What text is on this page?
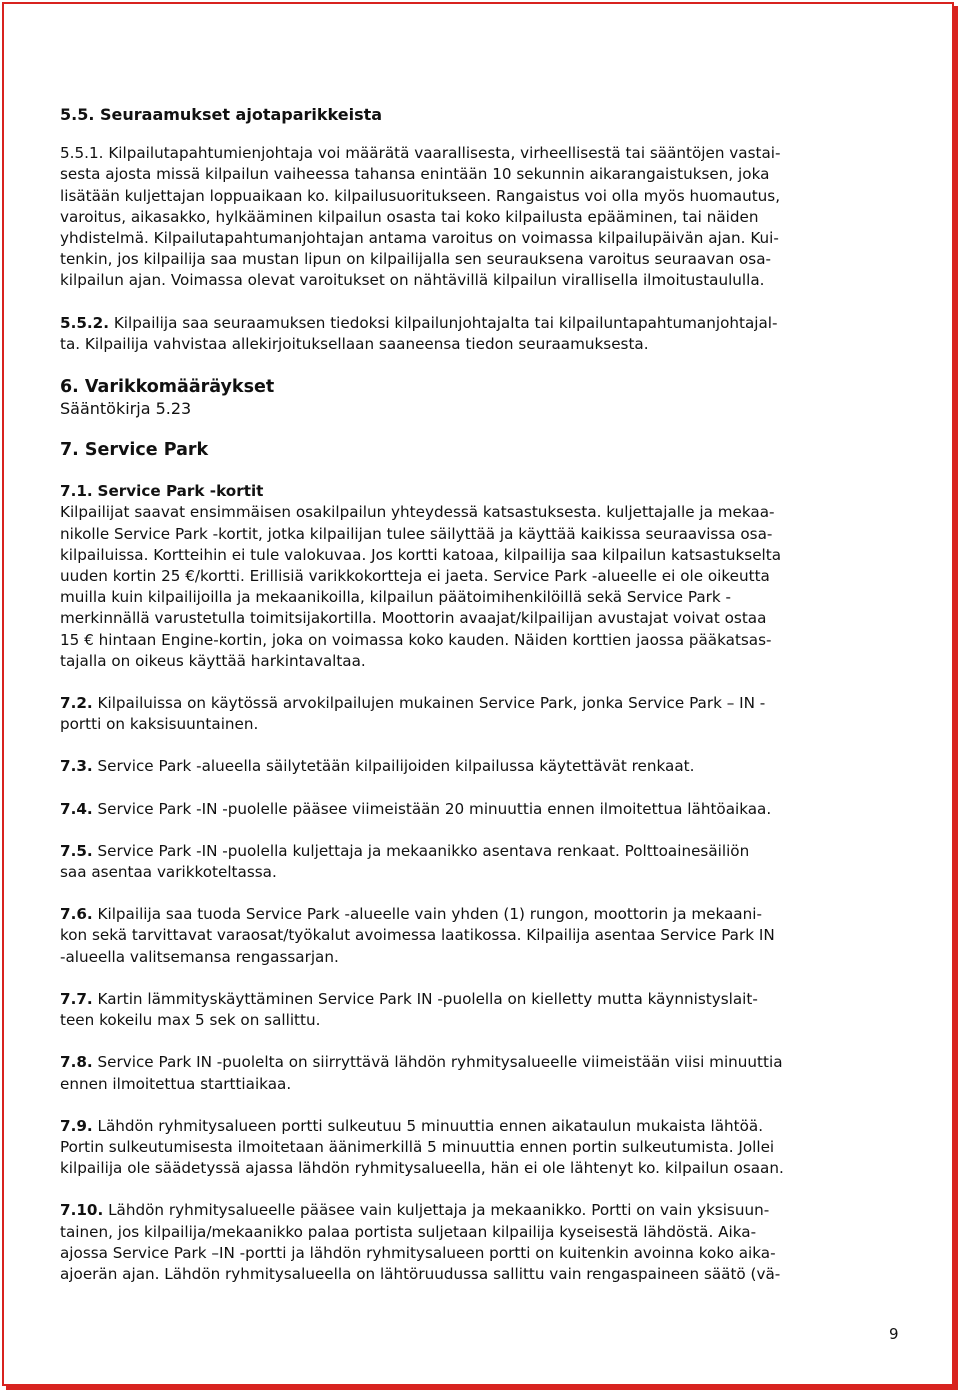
5.5. Seuraamukset ajotaparikkeista

5.5.1. Kilpailutapahtumienjohtaja voi määrätä vaarallisesta, virheellisestä tai sääntöjen vastai-
sesta ajosta missä kilpailun vaiheessa tahansa enintään 10 sekunnin aikarangaistuksen, joka
lisätään kuljettajan loppuaikaan ko. kilpailusuoritukseen. Rangaistus voi olla myös huomautus,
varoitus, aikasakko, hylkääminen kilpailun osasta tai koko kilpailusta epääminen, tai näiden
yhdistelmä. Kilpailutapahtumanjohtajan antama varoitus on voimassa kilpailupäivän ajan. Kui-
tenkin, jos kilpailija saa mustan lipun on kilpailijalla sen seurauksena varoitus seuraavan osa-
kilpailun ajan. Voimassa olevat varoitukset on nähtävillä kilpailun virallisella ilmoitustaululla.

5.5.2. Kilpailija saa seuraamuksen tiedoksi kilpailunjohtajalta tai kilpailuntapahtumanjohtajal-
ta. Kilpailija vahvistaa allekirjoituksellaan saaneensa tiedon seuraamuksesta.

6. Varikkomääräykset

Sääntökirja 5.23

7. Service Park

7.1. Service Park -kortit
Kilpailijat saavat ensimmäisen osakilpailun yhteydessä katsastuksesta. kuljettajalle ja mekaa-
nikolle Service Park -kortit, jotka kilpailijan tulee säilyttää ja käyttää kaikissa seuraavissa osa-
kilpailuissa. Kortteihin ei tule valokuvaa. Jos kortti katoaa, kilpailija saa kilpailun katsastukselta
uuden kortin 25 €/kortti. Erillisiä varikkokortteja ei jaeta. Service Park -alueelle ei ole oikeutta
muilla kuin kilpailijoilla ja mekaanikoilla, kilpailun päätoimihenkilöillä sekä Service Park -
merkinnällä varustetulla toimitsijakortilla. Moottorin avaajat/kilpailijan avustajat voivat ostaa
15 € hintaan Engine-kortin, joka on voimassa koko kauden. Näiden korttien jaossa pääkatsas-
tajalla on oikeus käyttää harkintavaltaa.

7.2. Kilpailuissa on käytössä arvokilpailujen mukainen Service Park, jonka Service Park – IN -
portti on kaksisuuntainen.

7.3. Service Park -alueella säilytetään kilpailijoiden kilpailussa käytettävät renkaat.

7.4. Service Park -IN -puolelle pääsee viimeistään 20 minuuttia ennen ilmoitettua lähtöaikaa.

7.5. Service Park -IN -puolella kuljettaja ja mekaanikko asentava renkaat. Polttoainesäiliön
saa asentaa varikkoteltassa.

7.6. Kilpailija saa tuoda Service Park -alueelle vain yhden (1) rungon, moottorin ja mekaani-
kon sekä tarvittavat varaosat/työkalut avoimessa laatikossa. Kilpailija asentaa Service Park IN
-alueella valitsemansa rengassarjan.

7.7. Kartin lämmityskäyttäminen Service Park IN -puolella on kielletty mutta käynnistyslait-
teen kokeilu max 5 sek on sallittu.

7.8. Service Park IN -puolelta on siirryttävä lähdön ryhmitysalueelle viimeistään viisi minuuttia
ennen ilmoitettua starttiaikaa.

7.9. Lähdön ryhmitysalueen portti sulkeutuu 5 minuuttia ennen aikataulun mukaista lähtöä.
Portin sulkeutumisesta ilmoitetaan äänimerkillä 5 minuuttia ennen portin sulkeutumista. Jollei
kilpailija ole säädetyssä ajassa lähdön ryhmitysalueella, hän ei ole lähtenyt ko. kilpailun osaan.

7.10. Lähdön ryhmitysalueelle pääsee vain kuljettaja ja mekaanikko. Portti on vain yksisuun-
tainen, jos kilpailija/mekaanikko palaa portista suljetaan kilpailija kyseisestä lähdöstä. Aika-
ajossa Service Park –IN -portti ja lähdön ryhmitysalueen portti on kuitenkin avoinna koko aika-
ajoerän ajan. Lähdön ryhmitysalueella on lähtöruudussa sallittu vain rengaspaineen säätö (vä-

9
